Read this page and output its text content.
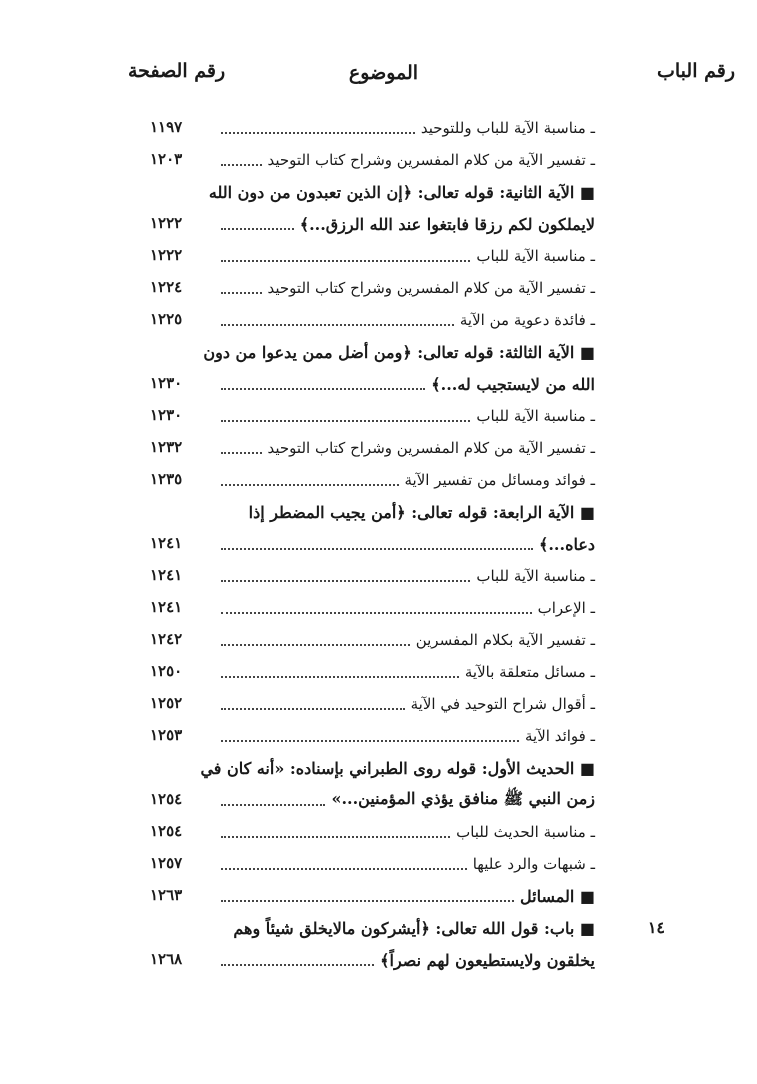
رقم الباب
الموضوع
رقم الصفحة
ـ مناسبة الآية للباب وللتوحيد
١١٩٧
ـ تفسير الآية من كلام المفسرين وشراح كتاب التوحيد
١٢٠٣
■ الآية الثانية: قوله تعالى: ﴿إن الذين تعبدون من دون الله
لايملكون لكم رزقا فابتغوا عند الله الرزق...﴾
١٢٢٢
ـ مناسبة الآية للباب
١٢٢٢
ـ تفسير الآية من كلام المفسرين وشراح كتاب التوحيد
١٢٢٤
ـ فائدة دعوية من الآية
١٢٢٥
■ الآية الثالثة: قوله تعالى: ﴿ومن أضل ممن يدعوا من دون
الله من لايستجيب له...﴾
١٢٣٠
ـ مناسبة الآية للباب
١٢٣٠
ـ تفسير الآية من كلام المفسرين وشراح كتاب التوحيد
١٢٣٢
ـ فوائد ومسائل من تفسير الآية
١٢٣٥
■ الآية الرابعة: قوله تعالى: ﴿أمن يجيب المضطر إذا
دعاه...﴾
١٢٤١
ـ مناسبة الآية للباب
١٢٤١
ـ الإعراب
١٢٤١
ـ تفسير الآية بكلام المفسرين
١٢٤٢
ـ مسائل متعلقة بالآية
١٢٥٠
ـ أقوال شراح التوحيد في الآية
١٢٥٢
ـ فوائد الآية
١٢٥٣
■ الحديث الأول: قوله روى الطبراني بإسناده: «أنه كان في
زمن النبي ﷺ منافق يؤذي المؤمنين...»
١٢٥٤
ـ مناسبة الحديث للباب
١٢٥٤
ـ شبهات والرد عليها
١٢٥٧
■ المسائل
١٢٦٣
١٤
■ باب: قول الله تعالى: ﴿أيشركون مالايخلق شيئاً وهم
يخلقون ولايستطيعون لهم نصراً﴾
١٢٦٨
